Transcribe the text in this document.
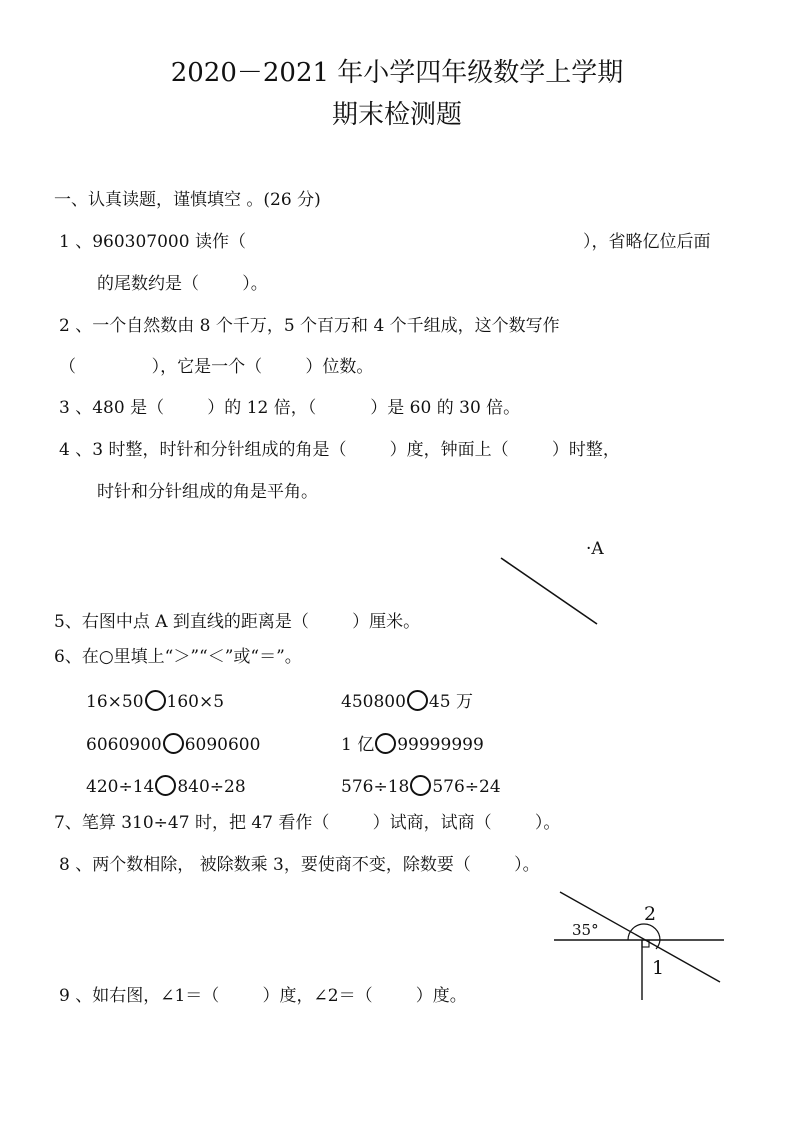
2020－2021 年小学四年级数学上学期
期末检测题
一、认真读题，谨慎填空 。(26 分)
1 、960307000 读作（	），省略亿位后面
的尾数约是（        ）。
2 、一个自然数由 8 个千万，5 个百万和 4 个千组成，这个数写作
（              ），它是一个（        ）位数。
3 、480 是（        ）的 12 倍，（          ）是 60 的 30 倍。
4 、3 时整，时针和分针组成的角是（        ）度，钟面上（        ）时整，
时针和分针组成的角是平角。
·A
5、右图中点 A 到直线的距离是（        ）厘米。
6、在○里填上“＞”“＜”或“＝”。
16×50 160×5	450800 45 万
6060900 6090600	1 亿 99999999
420÷14 840÷28	576÷18 576÷24
7、笔算 310÷47 时，把 47 看作（        ）试商，试商（        ）。
8 、两个数相除， 被除数乘 3，要使商不变，除数要（        ）。
35°
2
1
9 、如右图，∠1＝（        ）度，∠2＝（        ）度。
